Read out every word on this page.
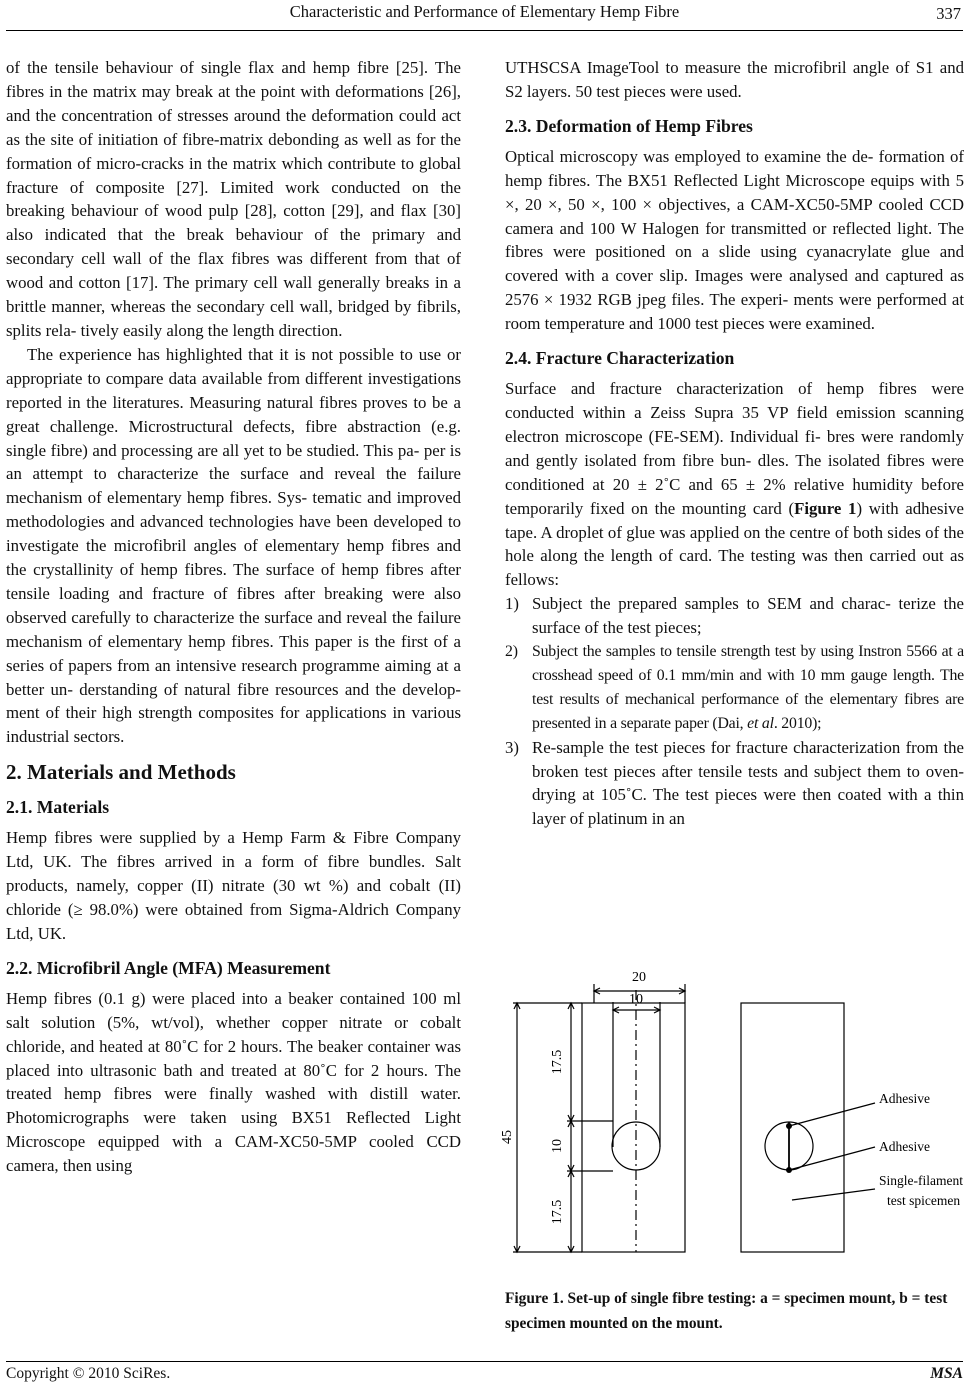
Characteristic and Performance of Elementary Hemp Fibre	337

of the tensile behaviour of single flax and hemp fibre [25]. The fibres in the matrix may break at the point with deformations [26], and the concentration of stresses around the deformation could act as the site of initiation of fibre-matrix debonding as well as for the formation of micro-cracks in the matrix which contribute to global fracture of composite [27]. Limited work conducted on the breaking behaviour of wood pulp [28], cotton [29], and flax [30] also indicated that the break behaviour of the primary and secondary cell wall of the flax fibres was different from that of wood and cotton [17]. The primary cell wall generally breaks in a brittle manner, whereas the secondary cell wall, bridged by fibrils, splits rela- tively easily along the length direction.

The experience has highlighted that it is not possible to use or appropriate to compare data available from different investigations reported in the literatures. Measuring natural fibres proves to be a great challenge. Microstructural defects, fibre abstraction (e.g. single fibre) and processing are all yet to be studied. This pa- per is an attempt to characterize the surface and reveal the failure mechanism of elementary hemp fibres. Sys- tematic and improved methodologies and advanced technologies have been developed to investigate the microfibril angles of elementary hemp fibres and the crystallinity of hemp fibres. The surface of hemp fibres after tensile loading and fracture of fibres after breaking were also observed carefully to characterize the surface and reveal the failure mechanism of elementary hemp fibres. This paper is the first of a series of papers from an intensive research programme aiming at a better un- derstanding of natural fibre resources and the develop- ment of their high strength composites for applications in various industrial sectors.

2. Materials and Methods
2.1. Materials

Hemp fibres were supplied by a Hemp Farm & Fibre Company Ltd, UK. The fibres arrived in a form of fibre bundles. Salt products, namely, copper (II) nitrate (30 wt %) and cobalt (II) chloride (≥ 98.0%) were obtained from Sigma-Aldrich Company Ltd, UK.

2.2. Microfibril Angle (MFA) Measurement

Hemp fibres (0.1 g) were placed into a beaker contained 100 ml salt solution (5%, wt/vol), whether copper nitrate or cobalt chloride, and heated at 80˚C for 2 hours. The beaker container was placed into ultrasonic bath and treated at 80˚C for 2 hours. The treated hemp fibres were finally washed with distill water. Photomicrographs were taken using BX51 Reflected Light Microscope equipped with a CAM-XC50-5MP cooled CCD camera, then using

UTHSCSA ImageTool to measure the microfibril angle of S1 and S2 layers. 50 test pieces were used.

2.3. Deformation of Hemp Fibres

Optical microscopy was employed to examine the de- formation of hemp fibres. The BX51 Reflected Light Microscope equips with 5 ×, 20 ×, 50 ×, 100 × objectives, a CAM-XC50-5MP cooled CCD camera and 100 W Halogen for transmitted or reflected light. The fibres were positioned on a slide using cyanacrylate glue and covered with a cover slip. Images were analysed and captured as 2576 × 1932 RGB jpeg files. The experi- ments were performed at room temperature and 1000 test pieces were examined.

2.4. Fracture Characterization

Surface and fracture characterization of hemp fibres were conducted within a Zeiss Supra 35 VP field emission scanning electron microscope (FE-SEM). Individual fi- bres were randomly and gently isolated from fibre bun- dles. The isolated fibres were conditioned at 20 ± 2˚C and 65 ± 2% relative humidity before temporarily fixed on the mounting card (Figure 1) with adhesive tape. A droplet of glue was applied on the centre of both sides of the hole along the length of card. The testing was then carried out as fellows:

1) Subject the prepared samples to SEM and charac- terize the surface of the test pieces;
2) Subject the samples to tensile strength test by using Instron 5566 at a crosshead speed of 0.1 mm/min and with 10 mm gauge length. The test results of mechanical performance of the elementary fibres are presented in a separate paper (Dai, et al. 2010);
3) Re-sample the test pieces for fracture characterization from the broken test pieces after tensile tests and subject them to oven-drying at 105˚C. The test pieces were then coated with a thin layer of platinum in an
20
10
17.5
45
10
17.5
Adhesive
Adhesive
Single-filament
test spicemen
Figure 1. Set-up of single fibre testing: a = specimen mount, b = test specimen mounted on the mount.
Copyright © 2010 SciRes.	MSA
